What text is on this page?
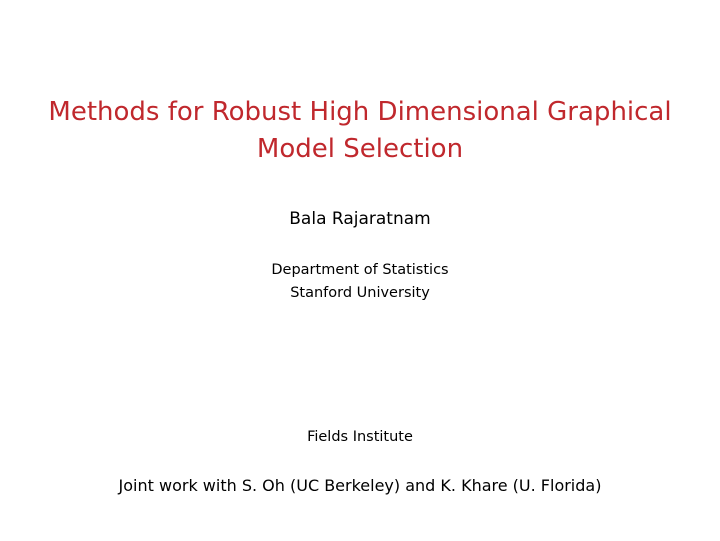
Methods for Robust High Dimensional Graphical
Model Selection
Bala Rajaratnam
Department of Statistics
Stanford University
Fields Institute
Joint work with S. Oh (UC Berkeley) and K. Khare (U. Florida)
